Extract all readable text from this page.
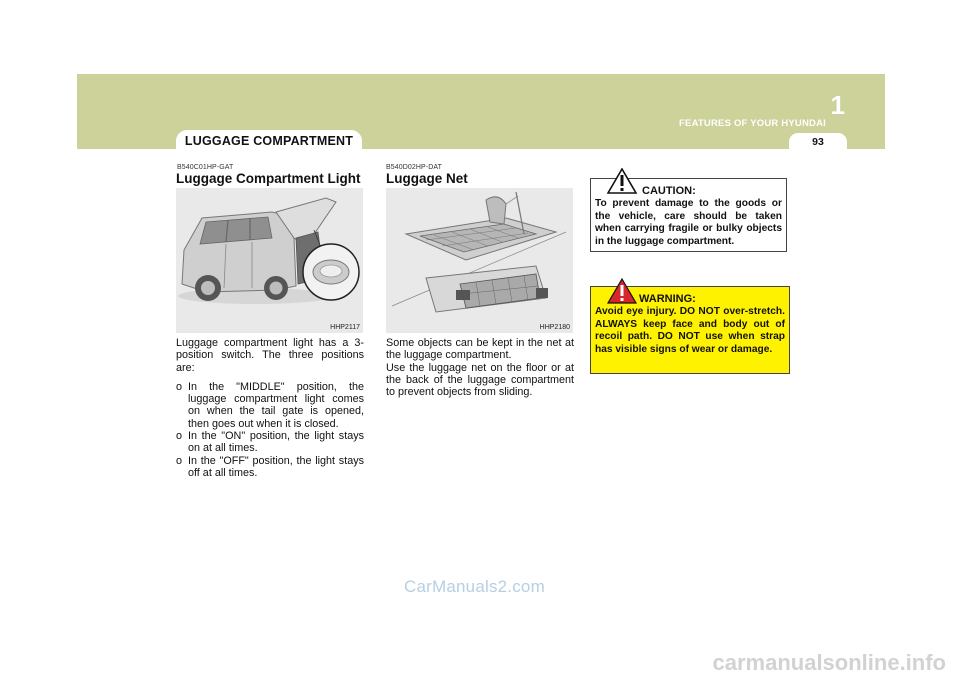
1
FEATURES OF YOUR HYUNDAI
93
LUGGAGE COMPARTMENT
B540C01HP-GAT
Luggage Compartment Light
HHP2117

Luggage compartment light has a 3-position switch. The three positions are:

o In the "MIDDLE" position, the luggage compartment light comes on when the tail gate is opened, then goes out when it is closed.
o In the "ON" position, the light stays on at all times.
o In the "OFF" position, the light stays off at all times.
B540D02HP-DAT
Luggage Net
HHP2180

Some objects can be kept in the net at the luggage compartment.

Use the luggage net on the floor or at the back of the luggage compartment to prevent objects from sliding.

CAUTION:
To prevent damage to the goods or the vehicle, care should be taken when carrying fragile or bulky objects in the luggage compartment.
WARNING:
Avoid eye injury. DO NOT over-stretch. ALWAYS keep face and body out of recoil path. DO NOT use when strap has visible signs of wear or damage.
CarManuals2.com
carmanualsonline.info
